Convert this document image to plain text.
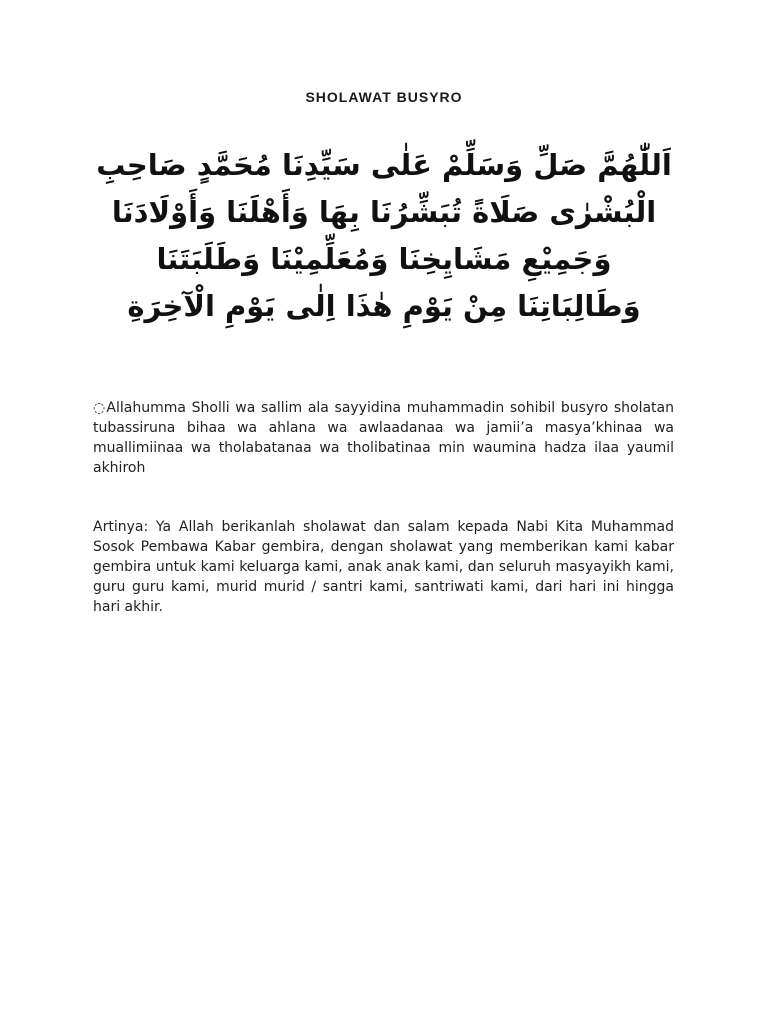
SHOLAWAT BUSYRO

اَللّٰهُمَّ صَلِّ وَسَلِّمْ عَلٰى سَيِّدِنَا مُحَمَّدٍ صَاحِبِ الْبُشْرٰى صَلَاةً تُبَشِّرُنَا بِهَا وَأَهْلَنَا وَأَوْلَادَنَا وَجَمِيْعِ مَشَايِخِنَا وَمُعَلِّمِيْنَا وَطَلَبَتَنَا وَطَالِبَاتِنَا مِنْ يَوْمِ هٰذَا اِلٰى يَوْمِ الْآخِرَةِ

◌Allahumma Sholli wa sallim ala sayyidina muhammadin sohibil busyro sholatan tubassiruna bihaa wa ahlana wa awlaadanaa wa jamii’a masya’khinaa wa muallimiinaa wa tholabatanaa wa tholibatinaa min waumina hadza ilaa yaumil akhiroh

Artinya: Ya Allah berikanlah sholawat dan salam kepada Nabi Kita Muhammad Sosok Pembawa Kabar gembira, dengan sholawat yang memberikan kami kabar gembira untuk kami keluarga kami, anak anak kami, dan seluruh masyayikh kami, guru guru kami, murid murid / santri kami, santriwati kami, dari hari ini hingga hari akhir.
